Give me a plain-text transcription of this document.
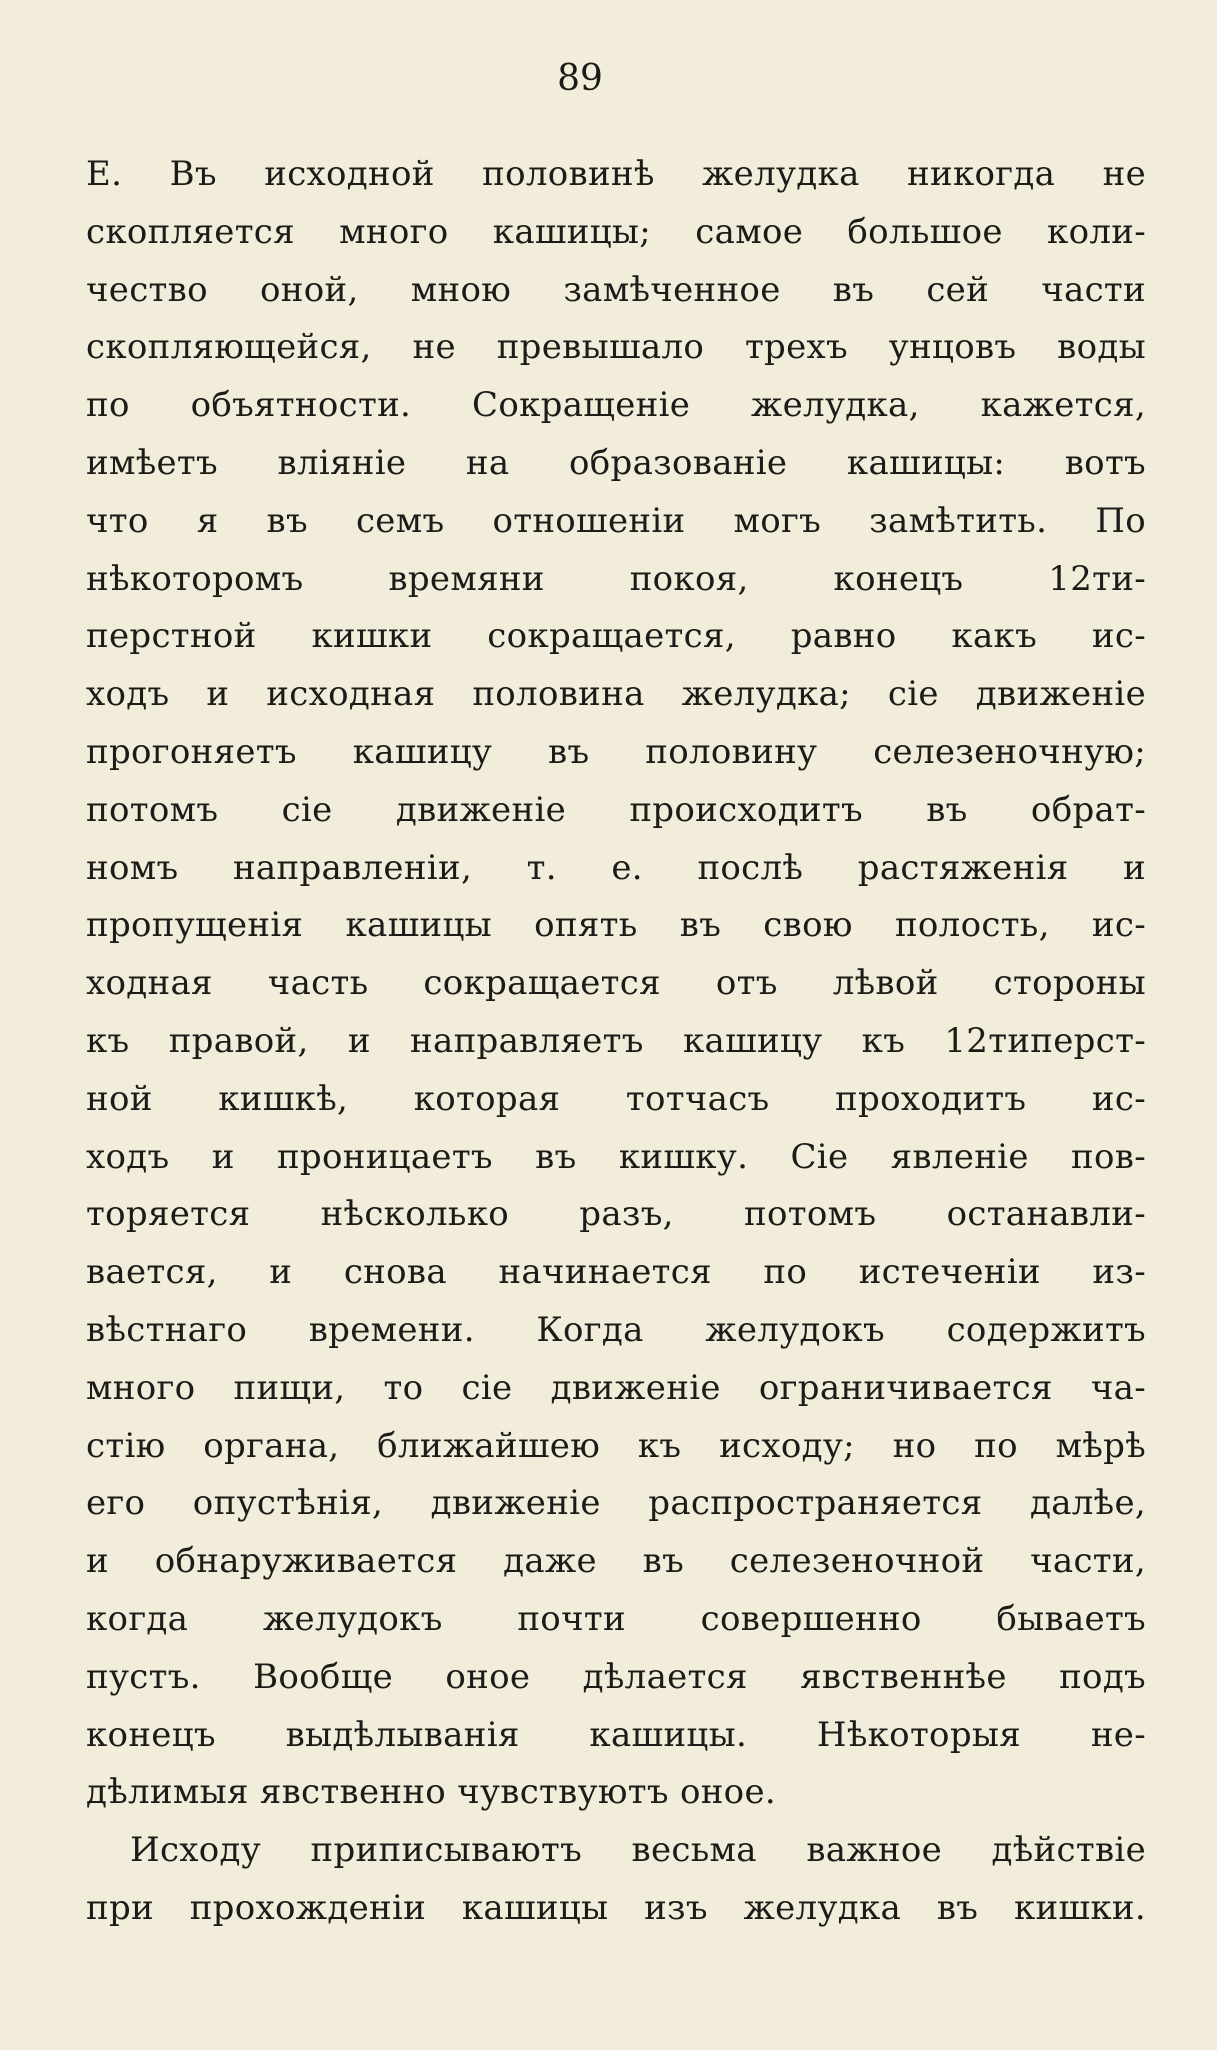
89
Е. Въ исходной половинѣ желудка никогда не
скопляется много кашицы; самое большое коли-
чество оной, мною замѣченное въ сей части
скопляющейся, не превышало трехъ унцовъ воды
по объятности. Сокращеніе желудка, кажется,
имѣетъ вліяніе на образованіе кашицы: вотъ
что я въ семъ отношеніи могъ замѣтить. По
нѣкоторомъ времяни покоя, конецъ 12ти-
перстной кишки сокращается, равно какъ ис-
ходъ и исходная половина желудка; сіе движеніе
прогоняетъ кашицу въ половину селезеночную;
потомъ сіе движеніе происходитъ въ обрат-
номъ направленіи, т. е. послѣ растяженія и
пропущенія кашицы опять въ свою полость, ис-
ходная часть сокращается отъ лѣвой стороны
къ правой, и направляетъ кашицу къ 12типерст-
ной кишкѣ, которая тотчасъ проходитъ ис-
ходъ и проницаетъ въ кишку. Сіе явленіе пов-
торяется нѣсколько разъ, потомъ останавли-
вается, и снова начинается по истеченіи из-
вѣстнаго времени. Когда желудокъ содержитъ
много пищи, то сіе движеніе ограничивается ча-
стію органа, ближайшею къ исходу; но по мѣрѣ
его опустѣнія, движеніе распространяется далѣе,
и обнаруживается даже въ селезеночной части,
когда желудокъ почти совершенно бываетъ
пустъ. Вообще оное дѣлается явственнѣе подъ
конецъ выдѣлыванія кашицы. Нѣкоторыя не-
дѣлимыя явственно чувствуютъ оное.
Исходу приписываютъ весьма важное дѣйствіе
при прохожденіи кашицы изъ желудка въ кишки.
